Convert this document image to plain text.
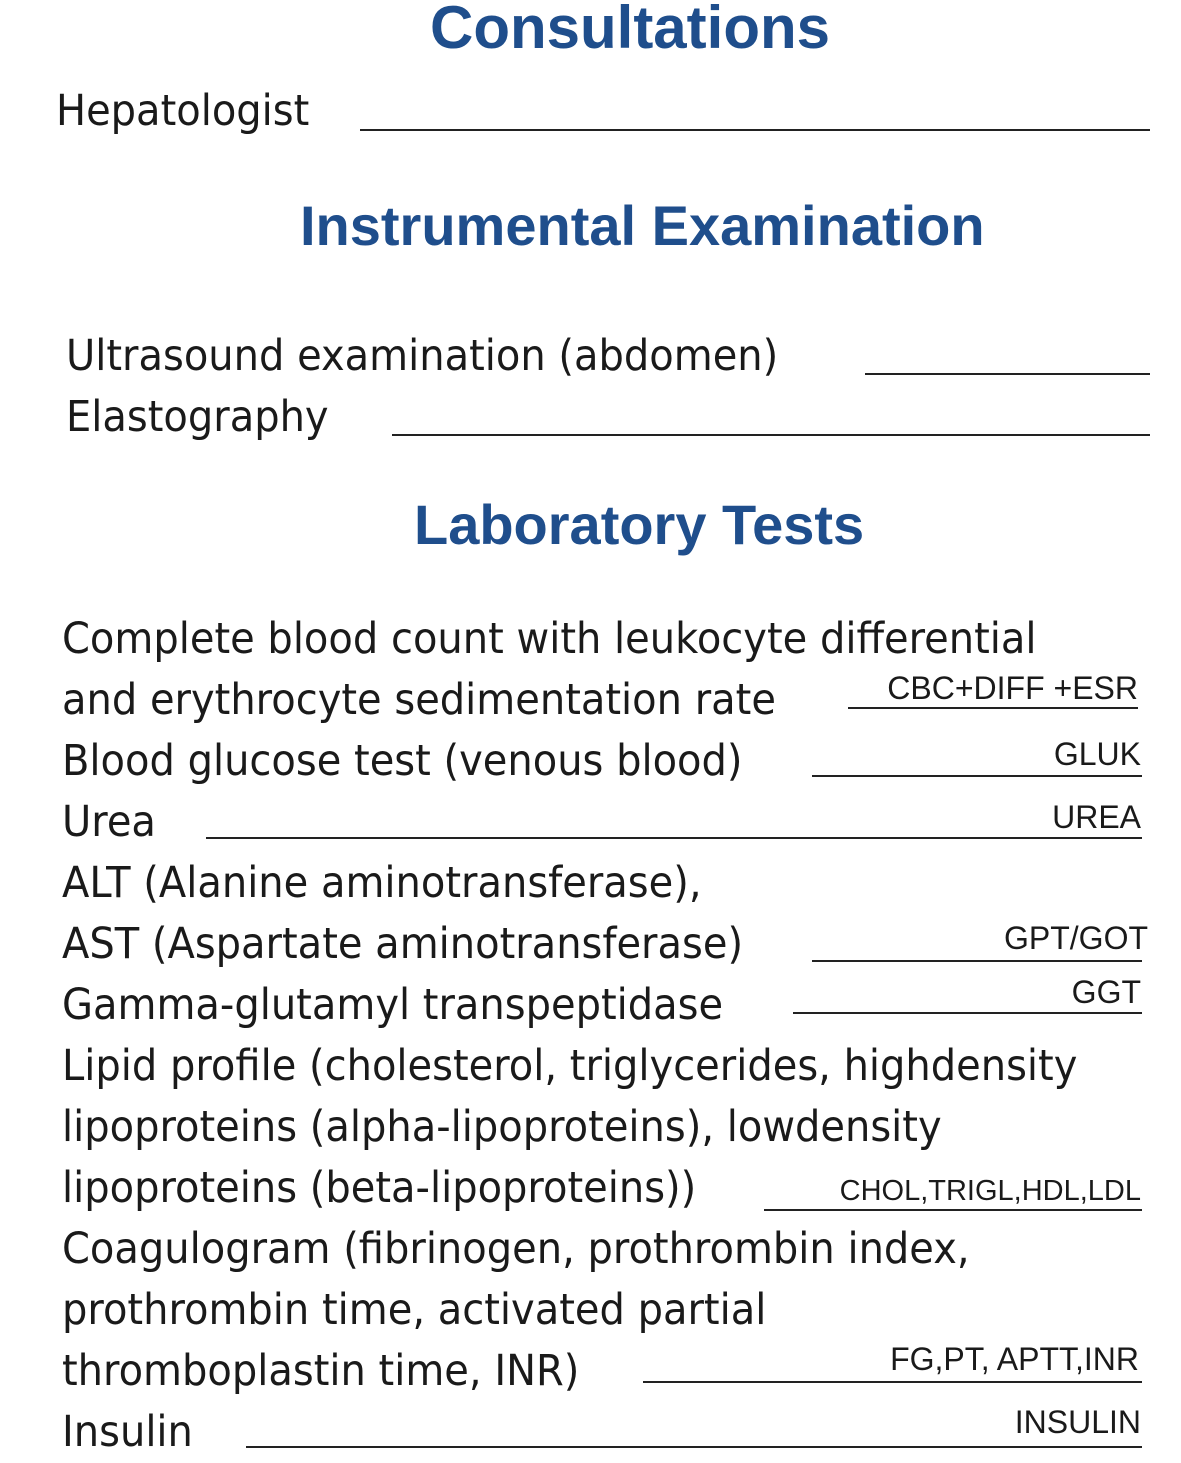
Consultations
Instrumental Examination
Laboratory Tests
Hepatologist
Ultrasound examination (abdomen)
Elastography
Complete blood count with leukocyte differential
and erythrocyte sedimentation rate	CBC+DIFF +ESR
Blood glucose test (venous blood)	GLUK
Urea	UREA
ALT (Alanine aminotransferase),
AST (Aspartate aminotransferase)	GPT/GOT
Gamma-glutamyl transpeptidase	GGT
Lipid profile (cholesterol, triglycerides, highdensity
lipoproteins (alpha-lipoproteins), lowdensity
lipoproteins (beta-lipoproteins))	CHOL,TRIGL,HDL,LDL
Coagulogram (fibrinogen, prothrombin index,
prothrombin time, activated partial
thromboplastin time, INR)	FG,PT, APTT,INR
Insulin	INSULIN
